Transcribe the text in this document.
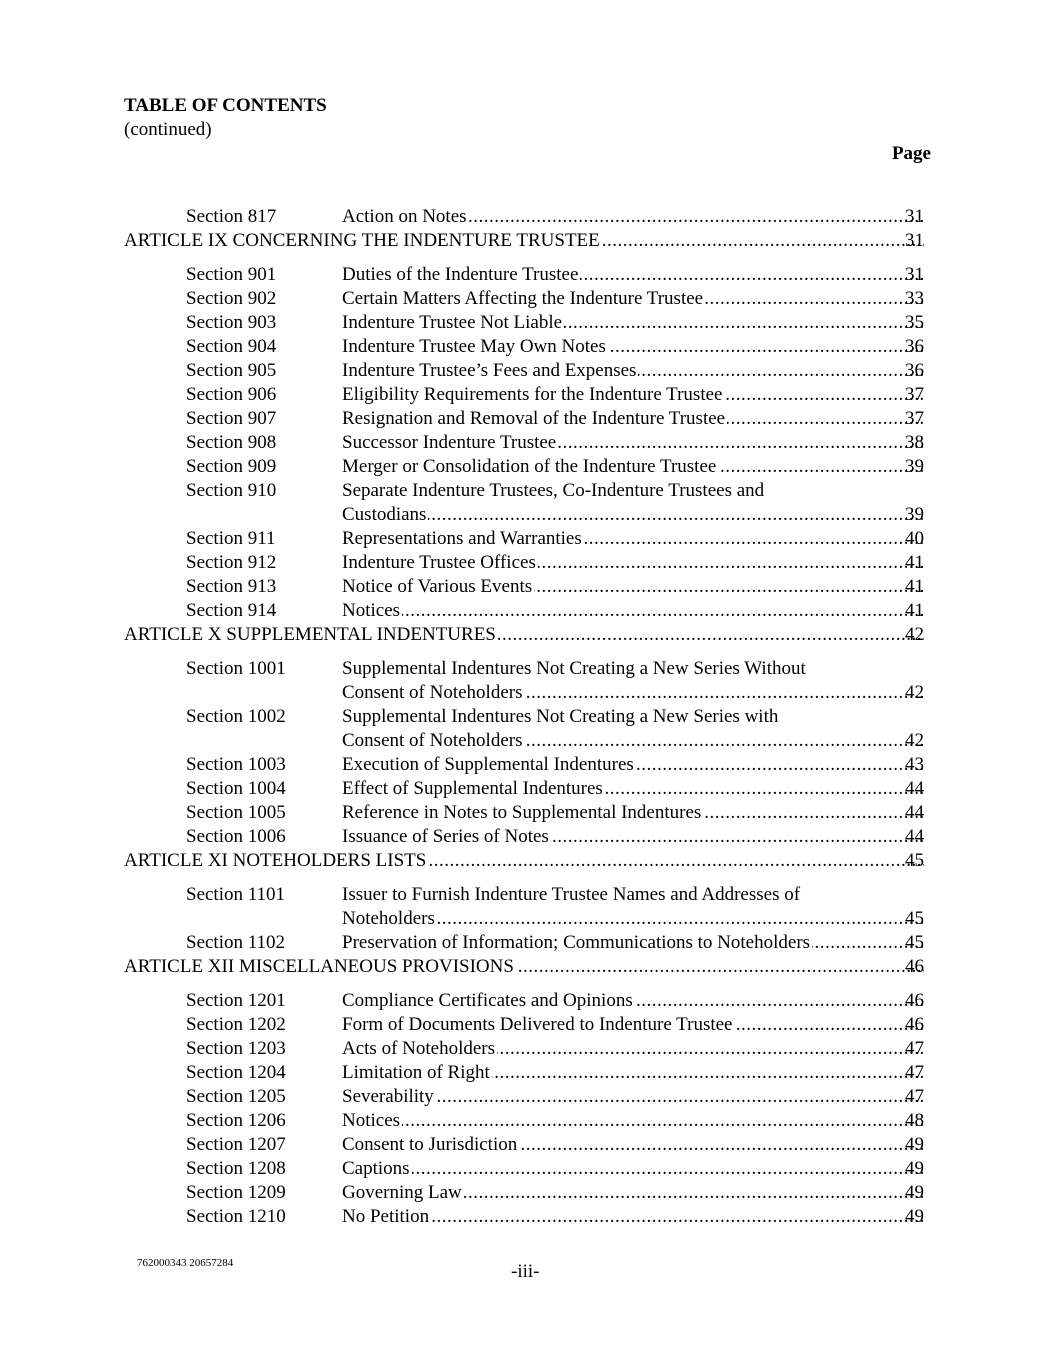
TABLE OF CONTENTS
(continued)
Page
Section 817	Action on Notes .....	31
ARTICLE IX CONCERNING THE INDENTURE TRUSTEE .....	31
Section 901	Duties of the Indenture Trustee .....	31
Section 902	Certain Matters Affecting the Indenture Trustee .....	33
Section 903	Indenture Trustee Not Liable .....	35
Section 904	Indenture Trustee May Own Notes .....	36
Section 905	Indenture Trustee’s Fees and Expenses .....	36
Section 906	Eligibility Requirements for the Indenture Trustee .....	37
Section 907	Resignation and Removal of the Indenture Trustee .....	37
Section 908	Successor Indenture Trustee .....	38
Section 909	Merger or Consolidation of the Indenture Trustee .....	39
Section 910	Separate Indenture Trustees, Co-Indenture Trustees and
Custodians .....	39
Section 911	Representations and Warranties .....	40
Section 912	Indenture Trustee Offices .....	41
Section 913	Notice of Various Events .....	41
Section 914	Notices .....	41
ARTICLE X SUPPLEMENTAL INDENTURES .....	42
Section 1001	Supplemental Indentures Not Creating a New Series Without
Consent of Noteholders .....	42
Section 1002	Supplemental Indentures Not Creating a New Series with
Consent of Noteholders .....	42
Section 1003	Execution of Supplemental Indentures .....	43
Section 1004	Effect of Supplemental Indentures .....	44
Section 1005	Reference in Notes to Supplemental Indentures .....	44
Section 1006	Issuance of Series of Notes .....	44
ARTICLE XI NOTEHOLDERS LISTS .....	45
Section 1101	Issuer to Furnish Indenture Trustee Names and Addresses of
Noteholders .....	45
Section 1102	Preservation of Information; Communications to Noteholders .....	45
ARTICLE XII MISCELLANEOUS PROVISIONS .....	46
Section 1201	Compliance Certificates and Opinions .....	46
Section 1202	Form of Documents Delivered to Indenture Trustee .....	46
Section 1203	Acts of Noteholders .....	47
Section 1204	Limitation of Right .....	47
Section 1205	Severability .....	47
Section 1206	Notices .....	48
Section 1207	Consent to Jurisdiction .....	49
Section 1208	Captions .....	49
Section 1209	Governing Law .....	49
Section 1210	No Petition .....	49
762000343 20657284	-iii-
